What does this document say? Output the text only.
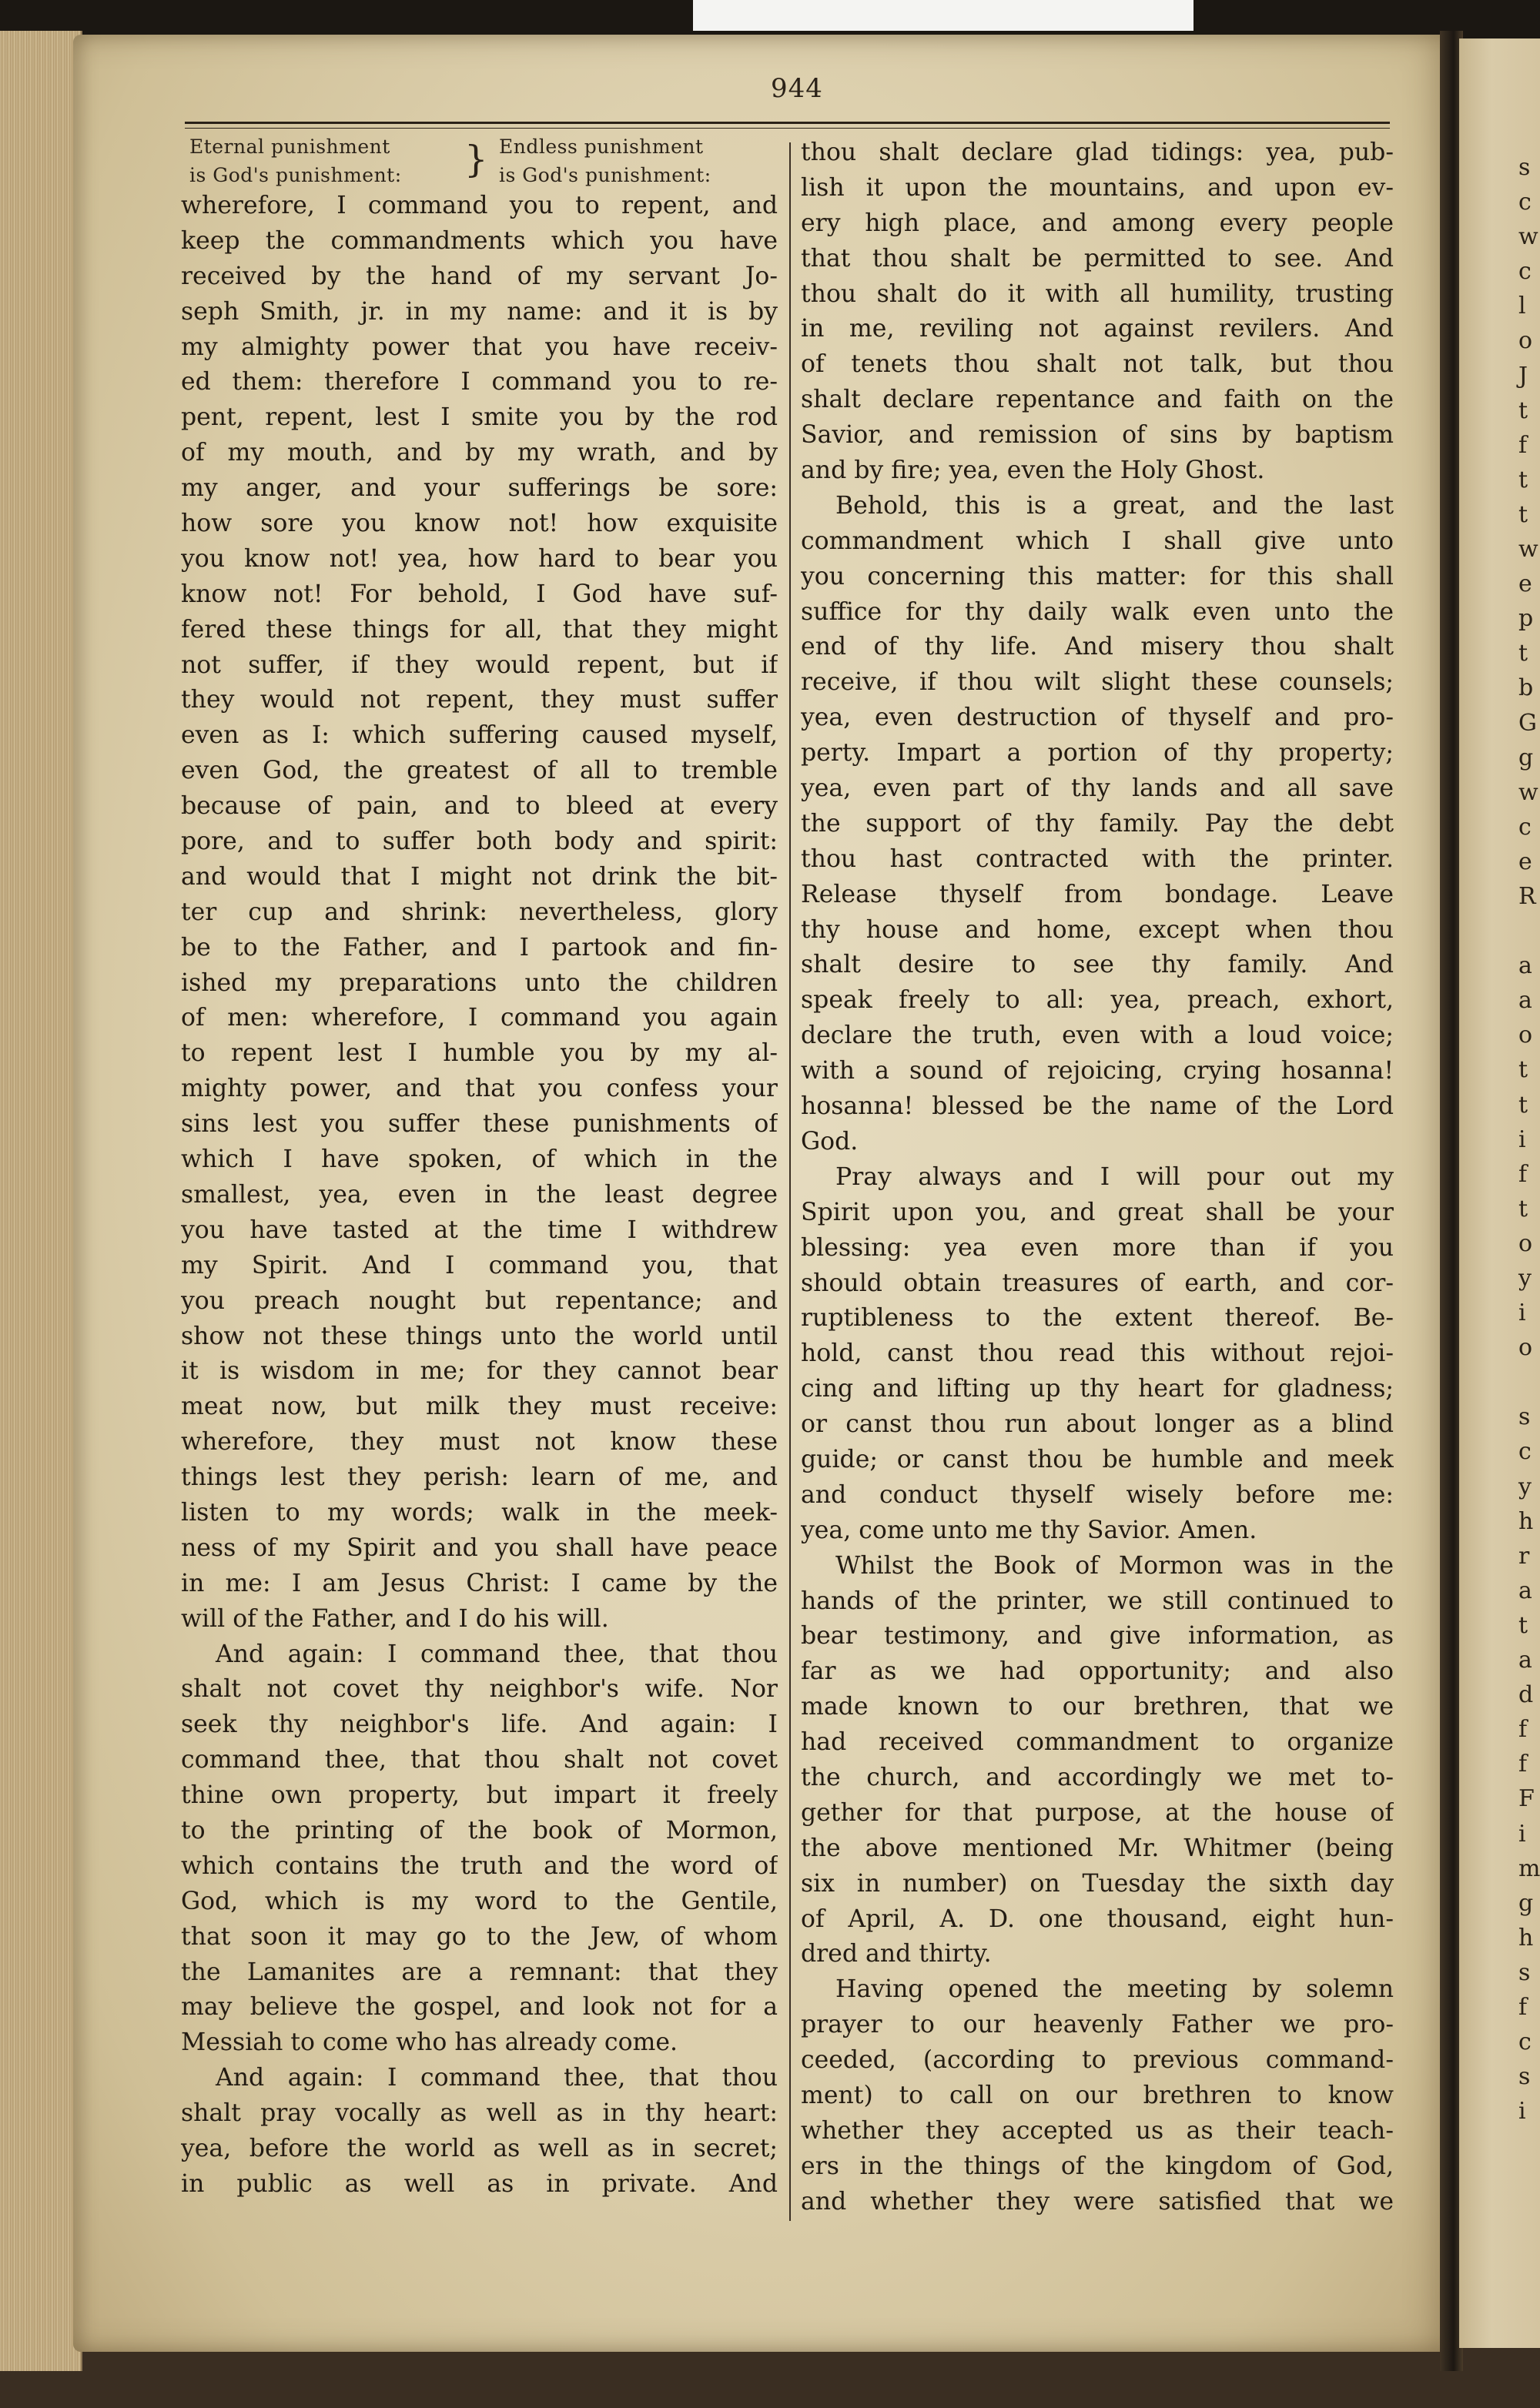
s
c
w
c
l
o
J
t
f
t
t
w
e
p
t
b
G
g
w
c
e
R

a
a
o
t
t
i
f
t
o
y
i
o

s
c
y
h
r
a
t
a
d
f
f
F
i
m
g
h
s
f
c
s
i
944
Eternal punishment
is God's punishment:	} Endless punishment
is God's punishment:
wherefore, I command you to repent, and
keep the commandments which you have
received by the hand of my servant Jo-
seph Smith, jr. in my name: and it is by
my almighty power that you have receiv-
ed them: therefore I command you to re-
pent, repent, lest I smite you by the rod
of my mouth, and by my wrath, and by
my anger, and your sufferings be sore:
how sore you know not! how exquisite
you know not! yea, how hard to bear you
know not! For behold, I God have suf-
fered these things for all, that they might
not suffer, if they would repent, but if
they would not repent, they must suffer
even as I: which suffering caused myself,
even God, the greatest of all to tremble
because of pain, and to bleed at every
pore, and to suffer both body and spirit:
and would that I might not drink the bit-
ter cup and shrink: nevertheless, glory
be to the Father, and I partook and fin-
ished my preparations unto the children
of men: wherefore, I command you again
to repent lest I humble you by my al-
mighty power, and that you confess your
sins lest you suffer these punishments of
which I have spoken, of which in the
smallest, yea, even in the least degree
you have tasted at the time I withdrew
my Spirit. And I command you, that
you preach nought but repentance; and
show not these things unto the world until
it is wisdom in me; for they cannot bear
meat now, but milk they must receive:
wherefore, they must not know these
things lest they perish: learn of me, and
listen to my words; walk in the meek-
ness of my Spirit and you shall have peace
in me: I am Jesus Christ: I came by the
will of the Father, and I do his will.
And again: I command thee, that thou
shalt not covet thy neighbor's wife. Nor
seek thy neighbor's life. And again: I
command thee, that thou shalt not covet
thine own property, but impart it freely
to the printing of the book of Mormon,
which contains the truth and the word of
God, which is my word to the Gentile,
that soon it may go to the Jew, of whom
the Lamanites are a remnant: that they
may believe the gospel, and look not for a
Messiah to come who has already come.
And again: I command thee, that thou
shalt pray vocally as well as in thy heart:
yea, before the world as well as in secret;
in public as well as in private. And
thou shalt declare glad tidings: yea, pub-
lish it upon the mountains, and upon ev-
ery high place, and among every people
that thou shalt be permitted to see. And
thou shalt do it with all humility, trusting
in me, reviling not against revilers. And
of tenets thou shalt not talk, but thou
shalt declare repentance and faith on the
Savior, and remission of sins by baptism
and by fire; yea, even the Holy Ghost.
Behold, this is a great, and the last
commandment which I shall give unto
you concerning this matter: for this shall
suffice for thy daily walk even unto the
end of thy life. And misery thou shalt
receive, if thou wilt slight these counsels;
yea, even destruction of thyself and pro-
perty. Impart a portion of thy property;
yea, even part of thy lands and all save
the support of thy family. Pay the debt
thou hast contracted with the printer.
Release thyself from bondage. Leave
thy house and home, except when thou
shalt desire to see thy family. And
speak freely to all: yea, preach, exhort,
declare the truth, even with a loud voice;
with a sound of rejoicing, crying hosanna!
hosanna! blessed be the name of the Lord
God.
Pray always and I will pour out my
Spirit upon you, and great shall be your
blessing: yea even more than if you
should obtain treasures of earth, and cor-
ruptibleness to the extent thereof. Be-
hold, canst thou read this without rejoi-
cing and lifting up thy heart for gladness;
or canst thou run about longer as a blind
guide; or canst thou be humble and meek
and conduct thyself wisely before me:
yea, come unto me thy Savior. Amen.
Whilst the Book of Mormon was in the
hands of the printer, we still continued to
bear testimony, and give information, as
far as we had opportunity; and also
made known to our brethren, that we
had received commandment to organize
the church, and accordingly we met to-
gether for that purpose, at the house of
the above mentioned Mr. Whitmer (being
six in number) on Tuesday the sixth day
of April, A. D. one thousand, eight hun-
dred and thirty.
Having opened the meeting by solemn
prayer to our heavenly Father we pro-
ceeded, (according to previous command-
ment) to call on our brethren to know
whether they accepted us as their teach-
ers in the things of the kingdom of God,
and whether they were satisfied that we
